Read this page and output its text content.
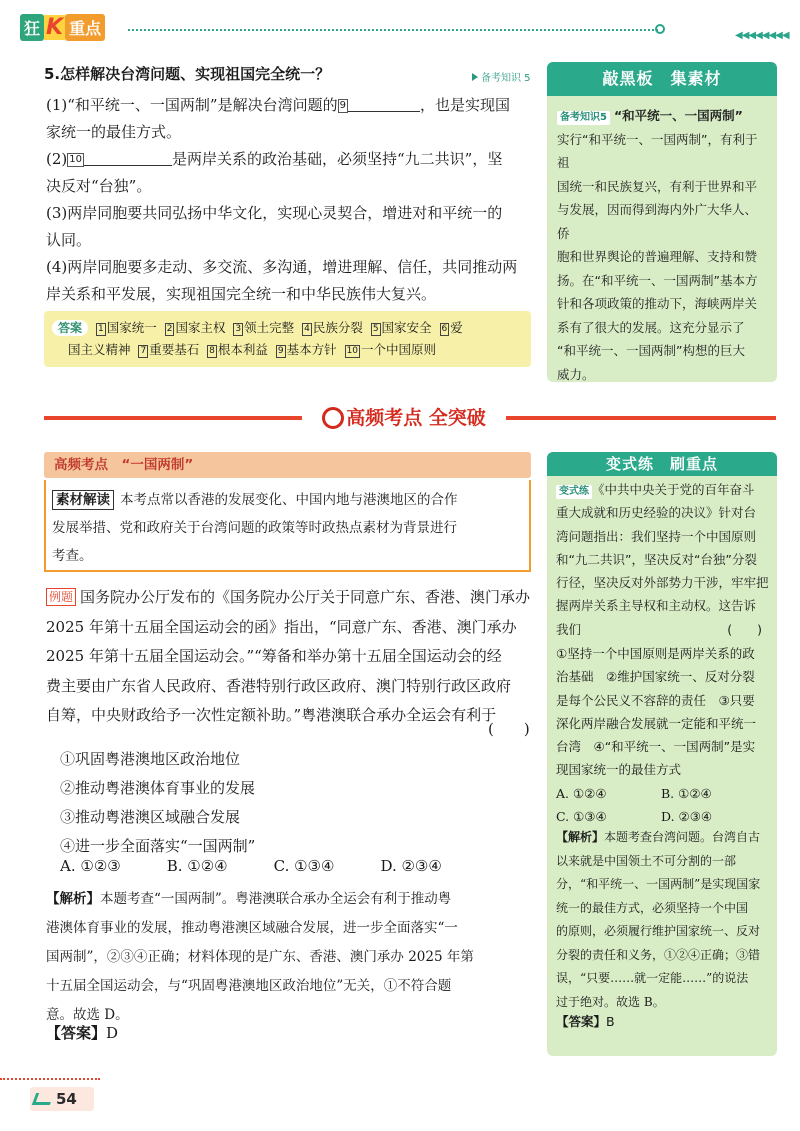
狂 K 重点	◀◀◀◀◀◀◀◀
5.怎样解决台湾问题、实现祖国完全统一？	备考知识 5
(1)“和平统一、一国两制”是解决台湾问题的 9	，也是实现国
家统一的最佳方式。
(2) 10	是两岸关系的政治基础，必须坚持“九二共识”，坚
决反对“台独”。
(3)两岸同胞要共同弘扬中华文化，实现心灵契合，增进对和平统一的
认同。
(4)两岸同胞要多走动、多交流、多沟通，增进理解、信任，共同推动两
岸关系和平发展，实现祖国完全统一和中华民族伟大复兴。
答案 1 国家统一 2 国家主权 3 领土完整 4 民族分裂 5 国家安全 6 爱
国主义精神 7 重要基石 8 根本利益 9 基本方针 10 一个中国原则
敲黑板　集素材
备考知识5 “和平统一、一国两制”
实行“和平统一、一国两制”，有利于祖
国统一和民族复兴，有利于世界和平
与发展，因而得到海内外广大华人、侨
胞和世界舆论的普遍理解、支持和赞
扬。在“和平统一、一国两制”基本方
针和各项政策的推动下，海峡两岸关
系有了很大的发展。这充分显示了
“和平统一、一国两制”构想的巨大
威力。
高频考点 全突破
高频考点　“一国两制”
素材解读 本考点常以香港的发展变化、中国内地与港澳地区的合作
发展举措、党和政府关于台湾问题的政策等时政热点素材为背景进行
考查。
例题 国务院办公厅发布的《国务院办公厅关于同意广东、香港、澳门承办
2025 年第十五届全国运动会的函》指出，“同意广东、香港、澳门承办
2025 年第十五届全国运动会。”“筹备和举办第十五届全国运动会的经
费主要由广东省人民政府、香港特别行政区政府、澳门特别行政区政府
自筹，中央财政给予一次性定额补助。”粤港澳联合承办全运会有利于
(　　)
①巩固粤港澳地区政治地位
②推动粤港澳体育事业的发展
③推动粤港澳区域融合发展
④进一步全面落实“一国两制”
A. ①②③	B. ①②④	C. ①③④	D. ②③④
【解析】本题考查“一国两制”。粤港澳联合承办全运会有利于推动粤
港澳体育事业的发展，推动粤港澳区域融合发展，进一步全面落实“一
国两制”，②③④正确；材料体现的是广东、香港、澳门承办 2025 年第
十五届全国运动会，与“巩固粤港澳地区政治地位”无关，①不符合题
意。故选 D。
【答案】D
变式练　刷重点
变式练 《中共中央关于党的百年奋斗
重大成就和历史经验的决议》针对台
湾问题指出：我们坚持一个中国原则
和“九二共识”，坚决反对“台独”分裂
行径，坚决反对外部势力干涉，牢牢把
握两岸关系主导权和主动权。这告诉
我们	(　　)
①坚持一个中国原则是两岸关系的政
治基础　②维护国家统一、反对分裂
是每个公民义不容辞的责任　③只要
深化两岸融合发展就一定能和平统一
台湾　④“和平统一、一国两制”是实
现国家统一的最佳方式
A. ①②④	B. ①②④
C. ①③④	D. ②③④
【解析】本题考查台湾问题。台湾自古
以来就是中国领土不可分割的一部
分，“和平统一、一国两制”是实现国家
统一的最佳方式，必须坚持一个中国
的原则，必须履行维护国家统一、反对
分裂的责任和义务，①②④正确；③错
误，“只要……就一定能……”的说法
过于绝对。故选 B。
【答案】B
54
